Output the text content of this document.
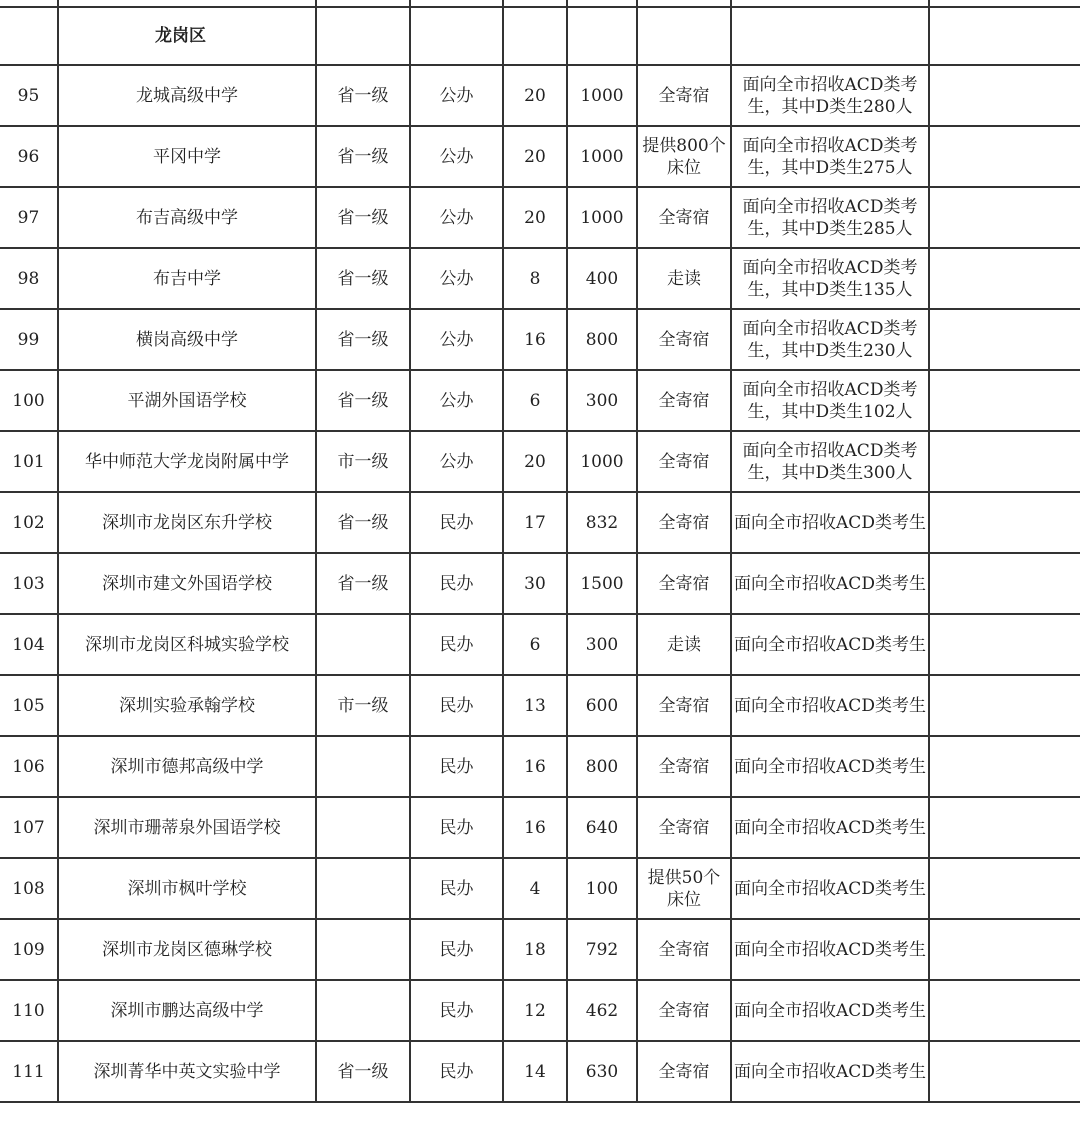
	龙岗区							
95	龙城高级中学	省一级	公办	20	1000	全寄宿	面向全市招收ACD类考生，其中D类生280人	
96	平冈中学	省一级	公办	20	1000	提供800个床位	面向全市招收ACD类考生，其中D类生275人	
97	布吉高级中学	省一级	公办	20	1000	全寄宿	面向全市招收ACD类考生，其中D类生285人	
98	布吉中学	省一级	公办	8	400	走读	面向全市招收ACD类考生，其中D类生135人	
99	横岗高级中学	省一级	公办	16	800	全寄宿	面向全市招收ACD类考生，其中D类生230人	
100	平湖外国语学校	省一级	公办	6	300	全寄宿	面向全市招收ACD类考生，其中D类生102人	
101	华中师范大学龙岗附属中学	市一级	公办	20	1000	全寄宿	面向全市招收ACD类考生，其中D类生300人	
102	深圳市龙岗区东升学校	省一级	民办	17	832	全寄宿	面向全市招收ACD类考生	
103	深圳市建文外国语学校	省一级	民办	30	1500	全寄宿	面向全市招收ACD类考生	
104	深圳市龙岗区科城实验学校		民办	6	300	走读	面向全市招收ACD类考生	
105	深圳实验承翰学校	市一级	民办	13	600	全寄宿	面向全市招收ACD类考生	
106	深圳市德邦高级中学		民办	16	800	全寄宿	面向全市招收ACD类考生	
107	深圳市珊蒂泉外国语学校		民办	16	640	全寄宿	面向全市招收ACD类考生	
108	深圳市枫叶学校		民办	4	100	提供50个床位	面向全市招收ACD类考生	
109	深圳市龙岗区德琳学校		民办	18	792	全寄宿	面向全市招收ACD类考生	
110	深圳市鹏达高级中学		民办	12	462	全寄宿	面向全市招收ACD类考生	
111	深圳菁华中英文实验中学	省一级	民办	14	630	全寄宿	面向全市招收ACD类考生	
